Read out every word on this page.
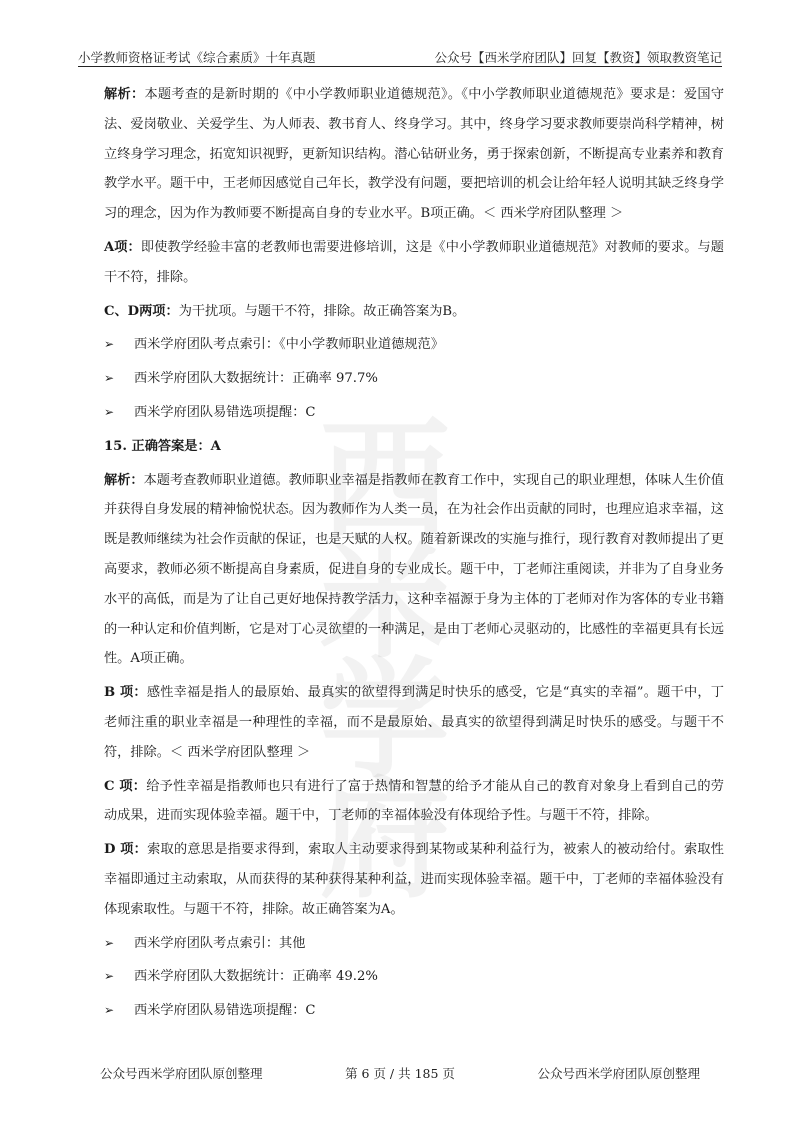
小学教师资格证考试《综合素质》十年真题	公众号【西米学府团队】回复【教资】领取教资笔记
西米学府

解析：本题考查的是新时期的《中小学教师职业道德规范》。《中小学教师职业道德规范》要求是：爱国守法、爱岗敬业、关爱学生、为人师表、教书育人、终身学习。其中，终身学习要求教师要崇尚科学精神，树立终身学习理念，拓宽知识视野，更新知识结构。潜心钻研业务，勇于探索创新，不断提高专业素养和教育教学水平。题干中，王老师因感觉自己年长，教学没有问题，要把培训的机会让给年轻人说明其缺乏终身学习的理念，因为作为教师要不断提高自身的专业水平。B项正确。＜ 西米学府团队整理 ＞

A项：即使教学经验丰富的老教师也需要进修培训，这是《中小学教师职业道德规范》对教师的要求。与题干不符，排除。

C、D两项：为干扰项。与题干不符，排除。故正确答案为B。

➢ 西米学府团队考点索引：《中小学教师职业道德规范》
➢ 西米学府团队大数据统计：正确率 97.7%
➢ 西米学府团队易错选项提醒：C
15. 正确答案是：A

解析：本题考查教师职业道德。教师职业幸福是指教师在教育工作中，实现自己的职业理想，体味人生价值并获得自身发展的精神愉悦状态。因为教师作为人类一员，在为社会作出贡献的同时，也理应追求幸福，这既是教师继续为社会作贡献的保证，也是天赋的人权。随着新课改的实施与推行，现行教育对教师提出了更高要求，教师必须不断提高自身素质，促进自身的专业成长。题干中，丁老师注重阅读，并非为了自身业务水平的高低，而是为了让自己更好地保持教学活力，这种幸福源于身为主体的丁老师对作为客体的专业书籍的一种认定和价值判断，它是对丁心灵欲望的一种满足，是由丁老师心灵驱动的，比感性的幸福更具有长远性。A项正确。

B 项：感性幸福是指人的最原始、最真实的欲望得到满足时快乐的感受，它是“真实的幸福”。题干中，丁老师注重的职业幸福是一种理性的幸福，而不是最原始、最真实的欲望得到满足时快乐的感受。与题干不符，排除。＜ 西米学府团队整理 ＞

C 项：给予性幸福是指教师也只有进行了富于热情和智慧的给予才能从自己的教育对象身上看到自己的劳动成果，进而实现体验幸福。题干中，丁老师的幸福体验没有体现给予性。与题干不符，排除。

D 项：索取的意思是指要求得到，索取人主动要求得到某物或某种利益行为，被索人的被动给付。索取性幸福即通过主动索取，从而获得的某种获得某种利益，进而实现体验幸福。题干中，丁老师的幸福体验没有体现索取性。与题干不符，排除。故正确答案为A。

➢ 西米学府团队考点索引：其他
➢ 西米学府团队大数据统计：正确率 49.2%
➢ 西米学府团队易错选项提醒：C
公众号西米学府团队原创整理	第 6 页 / 共 185 页	公众号西米学府团队原创整理
